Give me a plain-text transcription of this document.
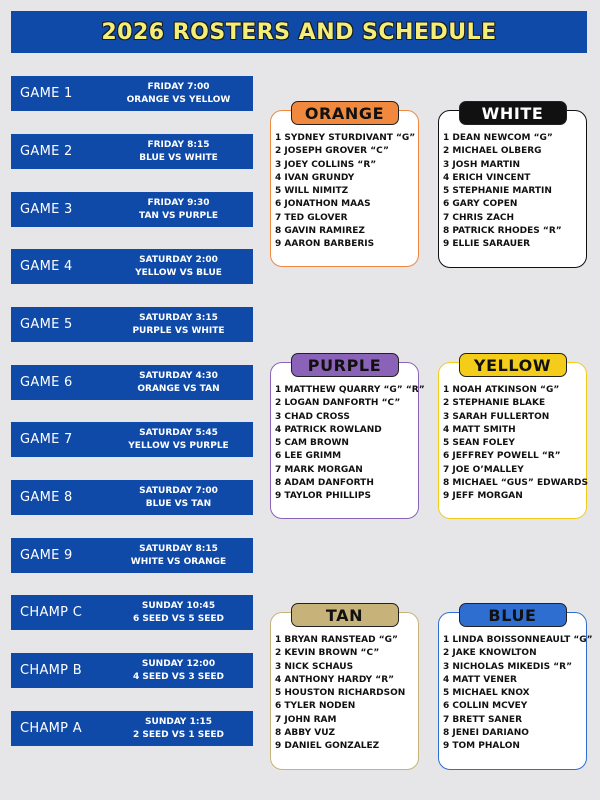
2026 ROSTERS AND SCHEDULE
GAME 1	FRIDAY 7:00
ORANGE VS YELLOW
GAME 2	FRIDAY 8:15
BLUE VS WHITE
GAME 3	FRIDAY 9:30
TAN VS PURPLE
GAME 4	SATURDAY 2:00
YELLOW VS BLUE
GAME 5	SATURDAY 3:15
PURPLE VS WHITE
GAME 6	SATURDAY 4:30
ORANGE VS TAN
GAME 7	SATURDAY 5:45
YELLOW VS PURPLE
GAME 8	SATURDAY 7:00
BLUE VS TAN
GAME 9	SATURDAY 8:15
WHITE VS ORANGE
CHAMP C	SUNDAY 10:45
6 SEED VS 5 SEED
CHAMP B	SUNDAY 12:00
4 SEED VS 3 SEED
CHAMP A	SUNDAY 1:15
2 SEED VS 1 SEED
ORANGE
1 SYDNEY STURDIVANT “G”
2 JOSEPH GROVER “C”
3 JOEY COLLINS “R”
4 IVAN GRUNDY
5 WILL NIMITZ
6 JONATHON MAAS
7 TED GLOVER
8 GAVIN RAMIREZ
9 AARON BARBERIS
WHITE
1 DEAN NEWCOM “G”
2 MICHAEL OLBERG
3 JOSH MARTIN
4 ERICH VINCENT
5 STEPHANIE MARTIN
6 GARY COPEN
7 CHRIS ZACH
8 PATRICK RHODES “R”
9 ELLIE SARAUER
PURPLE
1 MATTHEW QUARRY “G” “R”
2 LOGAN DANFORTH “C”
3 CHAD CROSS
4 PATRICK ROWLAND
5 CAM BROWN
6 LEE GRIMM
7 MARK MORGAN
8 ADAM DANFORTH
9 TAYLOR PHILLIPS
YELLOW
1 NOAH ATKINSON “G”
2 STEPHANIE BLAKE
3 SARAH FULLERTON
4 MATT SMITH
5 SEAN FOLEY
6 JEFFREY POWELL “R”
7 JOE O’MALLEY
8 MICHAEL “GUS” EDWARDS
9 JEFF MORGAN
TAN
1 BRYAN RANSTEAD “G”
2 KEVIN BROWN “C”
3 NICK SCHAUS
4 ANTHONY HARDY “R”
5 HOUSTON RICHARDSON
6 TYLER NODEN
7 JOHN RAM
8 ABBY VUZ
9 DANIEL GONZALEZ
BLUE
1 LINDA BOISSONNEAULT “G”
2 JAKE KNOWLTON
3 NICHOLAS MIKEDIS “R”
4 MATT VENER
5 MICHAEL KNOX
6 COLLIN MCVEY
7 BRETT SANER
8 JENEI DARIANO
9 TOM PHALON
